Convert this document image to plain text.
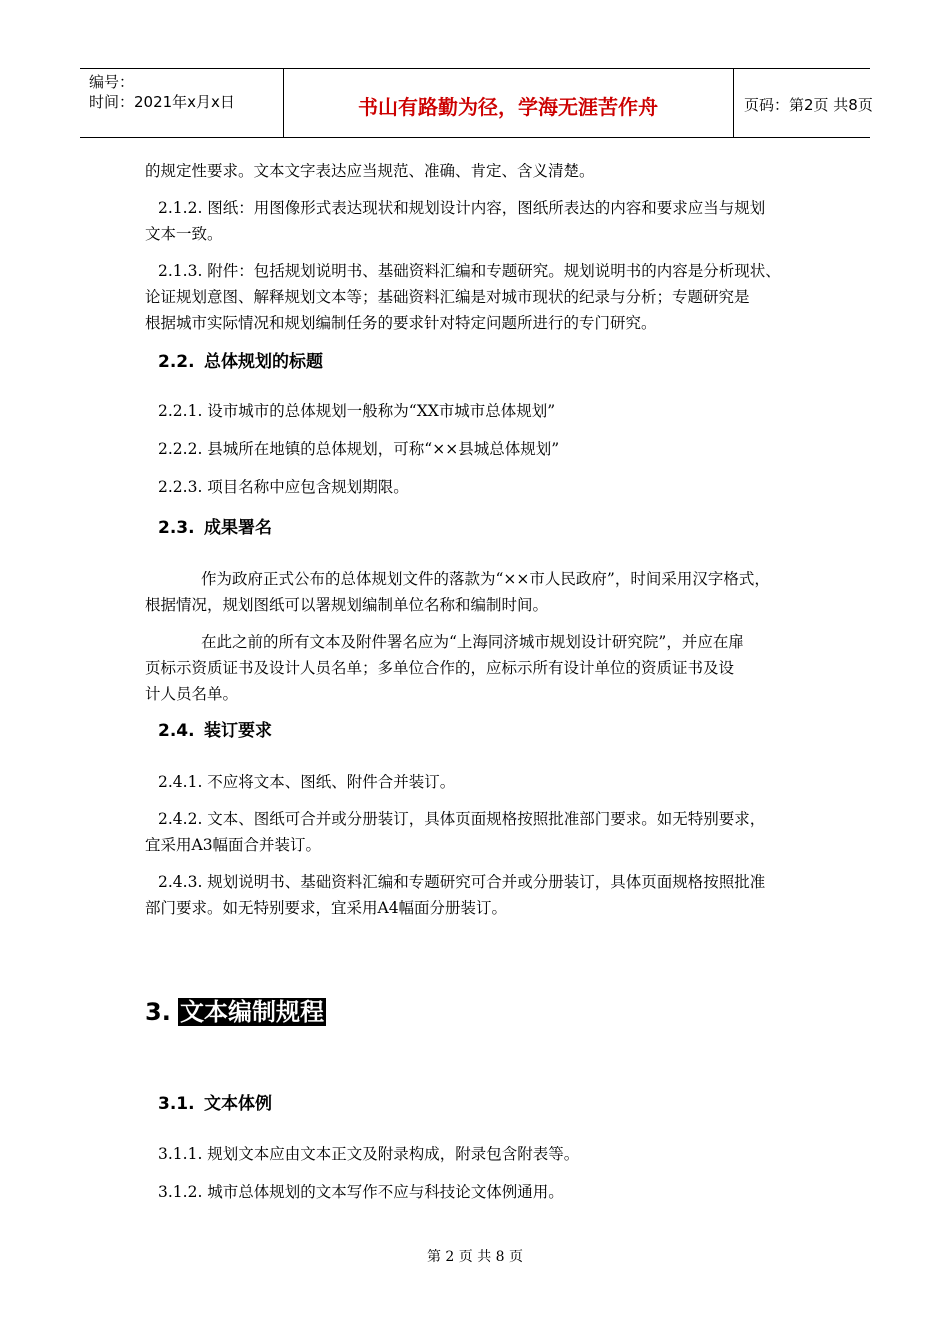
编号：
时间：2021年x月x日	书山有路勤为径，学海无涯苦作舟	页码：第2页 共8页
的规定性要求。文本文字表达应当规范、准确、肯定、含义清楚。
2.1.2. 图纸：用图像形式表达现状和规划设计内容，图纸所表达的内容和要求应当与规划
文本一致。
2.1.3. 附件：包括规划说明书、基础资料汇编和专题研究。规划说明书的内容是分析现状、
论证规划意图、解释规划文本等；基础资料汇编是对城市现状的纪录与分析；专题研究是
根据城市实际情况和规划编制任务的要求针对特定问题所进行的专门研究。
2.2. 总体规划的标题
2.2.1. 设市城市的总体规划一般称为“XX市城市总体规划”
2.2.2. 县城所在地镇的总体规划，可称“××县城总体规划”
2.2.3. 项目名称中应包含规划期限。
2.3. 成果署名
作为政府正式公布的总体规划文件的落款为“××市人民政府”，时间采用汉字格式，
根据情况，规划图纸可以署规划编制单位名称和编制时间。
在此之前的所有文本及附件署名应为“上海同济城市规划设计研究院”，并应在扉
页标示资质证书及设计人员名单；多单位合作的，应标示所有设计单位的资质证书及设
计人员名单。
2.4. 装订要求
2.4.1. 不应将文本、图纸、附件合并装订。
2.4.2. 文本、图纸可合并或分册装订，具体页面规格按照批准部门要求。如无特别要求，
宜采用A3幅面合并装订。
2.4.3. 规划说明书、基础资料汇编和专题研究可合并或分册装订，具体页面规格按照批准
部门要求。如无特别要求，宜采用A4幅面分册装订。
3. 文本编制规程
3.1. 文本体例
3.1.1. 规划文本应由文本正文及附录构成，附录包含附表等。
3.1.2. 城市总体规划的文本写作不应与科技论文体例通用。
第 2 页 共 8 页
